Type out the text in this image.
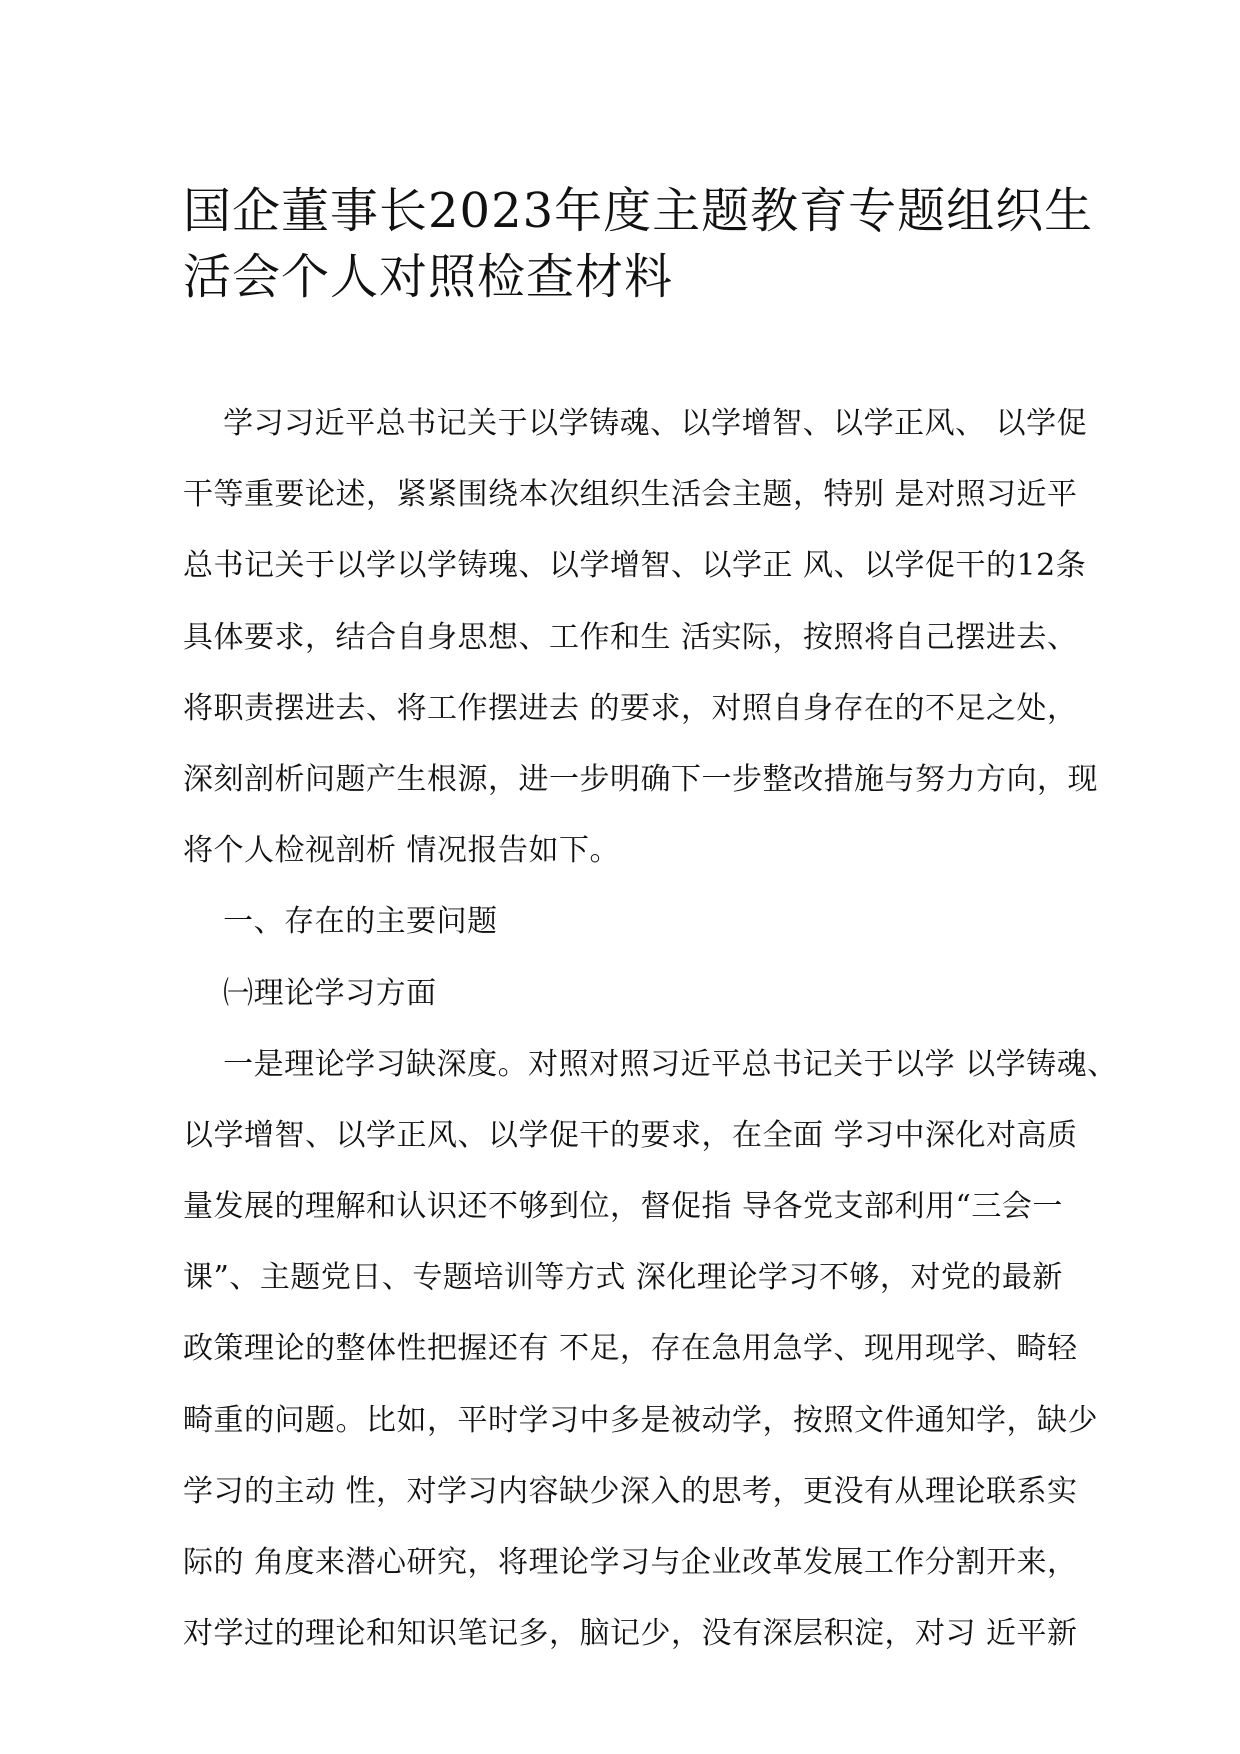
国企董事长2023年度主题教育专题组织生
活会个人对照检查材料
学习习近平总书记关于以学铸魂、以学增智、以学正风、 以学促
干等重要论述，紧紧围绕本次组织生活会主题，特别 是对照习近平
总书记关于以学以学铸瑰、以学增智、以学正 风、以学促干的12条
具体要求，结合自身思想、工作和生 活实际，按照将自己摆进去、
将职责摆进去、将工作摆进去 的要求，对照自身存在的不足之处，
深刻剖析问题产生根源，进一步明确下一步整改措施与努力方向，现
将个人检视剖析 情况报告如下。
一、存在的主要问题
㈠理论学习方面
一是理论学习缺深度。对照对照习近平总书记关于以学 以学铸魂、
以学增智、以学正风、以学促干的要求，在全面 学习中深化对高质
量发展的理解和认识还不够到位，督促指 导各党支部利用“三会一
课”、主题党日、专题培训等方式 深化理论学习不够，对党的最新
政策理论的整体性把握还有 不足，存在急用急学、现用现学、畸轻
畸重的问题。比如，平时学习中多是被动学，按照文件通知学，缺少
学习的主动 性，对学习内容缺少深入的思考，更没有从理论联系实
际的 角度来潜心研究，将理论学习与企业改革发展工作分割开来，
对学过的理论和知识笔记多，脑记少，没有深层积淀，对习 近平新
